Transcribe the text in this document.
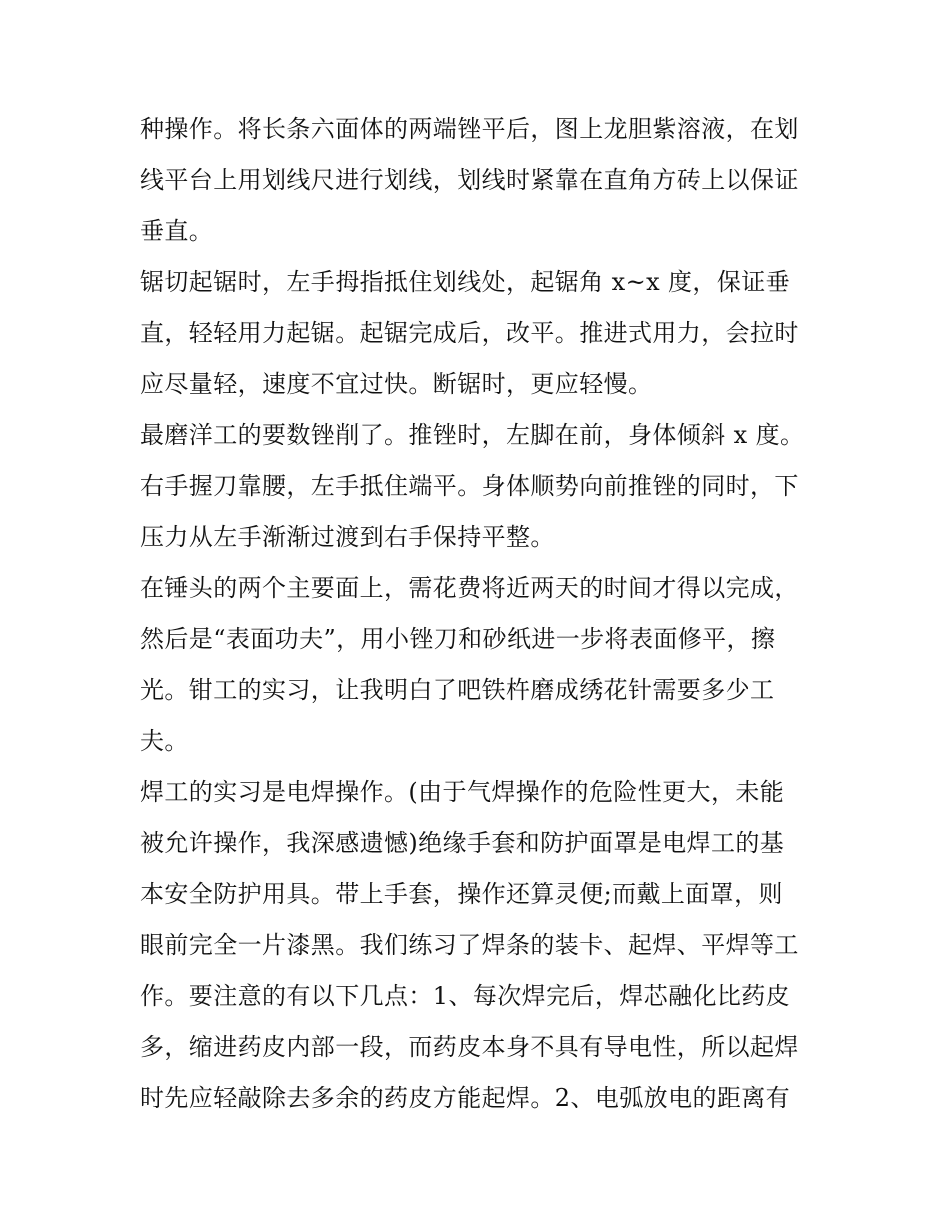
种操作。将长条六面体的两端锉平后，图上龙胆紫溶液，在划
线平台上用划线尺进行划线，划线时紧靠在直角方砖上以保证
垂直。

锯切起锯时，左手拇指抵住划线处，起锯角 x~x 度，保证垂
直，轻轻用力起锯。起锯完成后，改平。推进式用力，会拉时
应尽量轻，速度不宜过快。断锯时，更应轻慢。

最磨洋工的要数锉削了。推锉时，左脚在前，身体倾斜 x 度。
右手握刀靠腰，左手抵住端平。身体顺势向前推锉的同时，下
压力从左手渐渐过渡到右手保持平整。

在锤头的两个主要面上，需花费将近两天的时间才得以完成，
然后是“表面功夫”，用小锉刀和砂纸进一步将表面修平，擦
光。钳工的实习，让我明白了吧铁杵磨成绣花针需要多少工
夫。

焊工的实习是电焊操作。(由于气焊操作的危险性更大，未能
被允许操作，我深感遗憾)绝缘手套和防护面罩是电焊工的基
本安全防护用具。带上手套，操作还算灵便;而戴上面罩，则
眼前完全一片漆黑。我们练习了焊条的装卡、起焊、平焊等工
作。要注意的有以下几点：1、每次焊完后，焊芯融化比药皮
多，缩进药皮内部一段，而药皮本身不具有导电性，所以起焊
时先应轻敲除去多余的药皮方能起焊。2、电弧放电的距离有
